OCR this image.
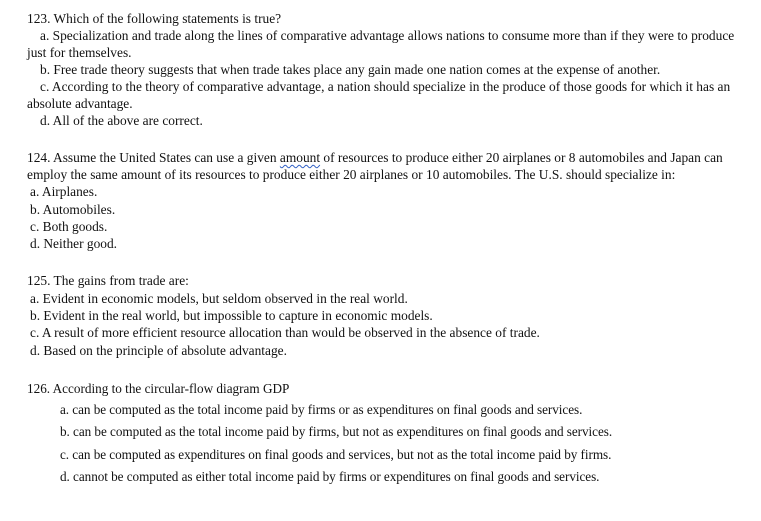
123. Which of the following statements is true?

a. Specialization and trade along the lines of comparative advantage allows nations to consume more than if they were to produce just for themselves.

b. Free trade theory suggests that when trade takes place any gain made one nation comes at the expense of another.

c. According to the theory of comparative advantage, a nation should specialize in the produce of those goods for which it has an absolute advantage.

d. All of the above are correct.

124. Assume the United States can use a given amount of resources to produce either 20 airplanes or 8 automobiles and Japan can employ the same amount of its resources to produce either 20 airplanes or 10 automobiles. The U.S. should specialize in:

a. Airplanes.

b. Automobiles.

c. Both goods.

d. Neither good.

125. The gains from trade are:

a. Evident in economic models, but seldom observed in the real world.

b. Evident in the real world, but impossible to capture in economic models.

c. A result of more efficient resource allocation than would be observed in the absence of trade.

d. Based on the principle of absolute advantage.

126. According to the circular-flow diagram GDP

a. can be computed as the total income paid by firms or as expenditures on final goods and services.

b. can be computed as the total income paid by firms, but not as expenditures on final goods and services.

c. can be computed as expenditures on final goods and services, but not as the total income paid by firms.

d. cannot be computed as either total income paid by firms or expenditures on final goods and services.
